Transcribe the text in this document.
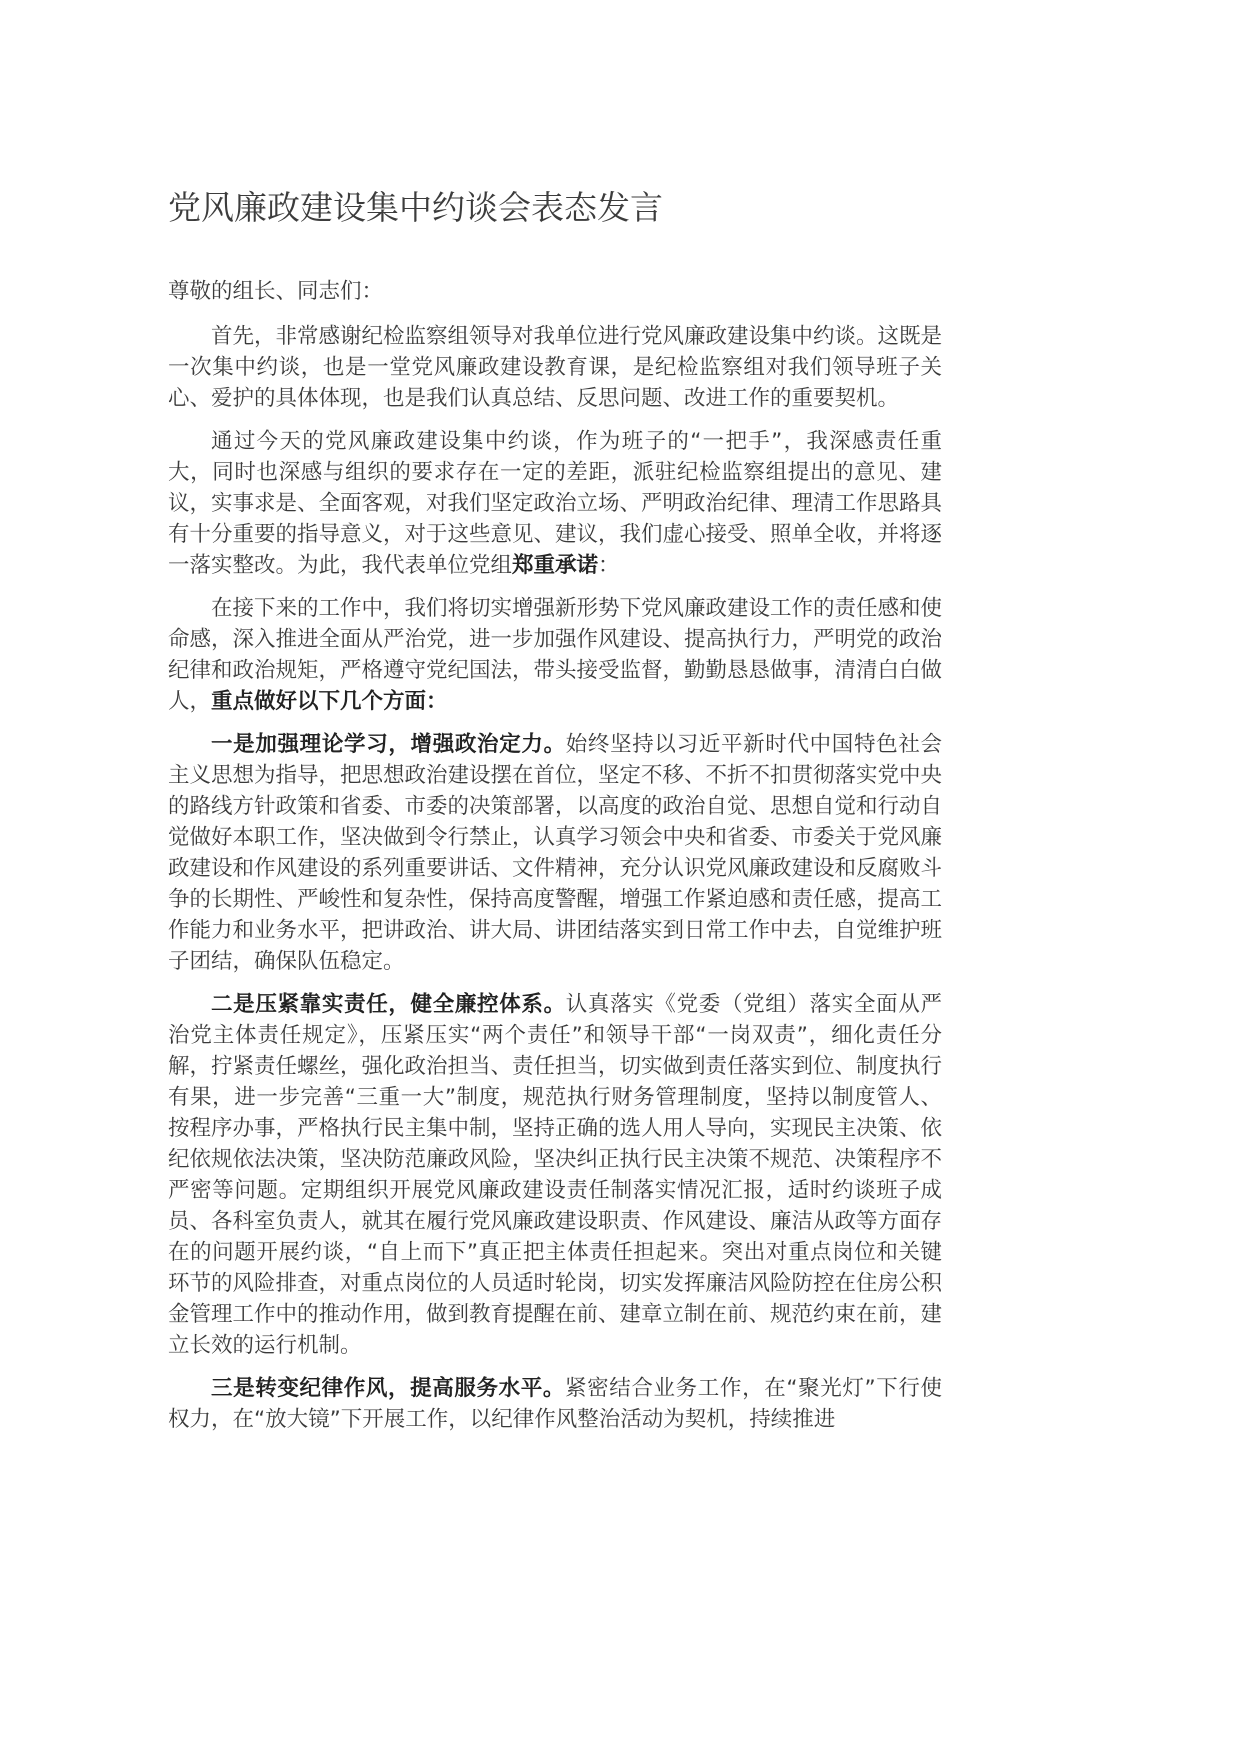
党风廉政建设集中约谈会表态发言

尊敬的组长、同志们：

首先，非常感谢纪检监察组领导对我单位进行党风廉政建设集中约谈。这既是一次集中约谈，也是一堂党风廉政建设教育课，是纪检监察组对我们领导班子关心、爱护的具体体现，也是我们认真总结、反思问题、改进工作的重要契机。

通过今天的党风廉政建设集中约谈，作为班子的“一把手”，我深感责任重大，同时也深感与组织的要求存在一定的差距，派驻纪检监察组提出的意见、建议，实事求是、全面客观，对我们坚定政治立场、严明政治纪律、理清工作思路具有十分重要的指导意义，对于这些意见、建议，我们虚心接受、照单全收，并将逐一落实整改。为此，我代表单位党组郑重承诺：

在接下来的工作中，我们将切实增强新形势下党风廉政建设工作的责任感和使命感，深入推进全面从严治党，进一步加强作风建设、提高执行力，严明党的政治纪律和政治规矩，严格遵守党纪国法，带头接受监督，勤勤恳恳做事，清清白白做人，重点做好以下几个方面：

一是加强理论学习，增强政治定力。始终坚持以习近平新时代中国特色社会主义思想为指导，把思想政治建设摆在首位，坚定不移、不折不扣贯彻落实党中央的路线方针政策和省委、市委的决策部署，以高度的政治自觉、思想自觉和行动自觉做好本职工作，坚决做到令行禁止，认真学习领会中央和省委、市委关于党风廉政建设和作风建设的系列重要讲话、文件精神，充分认识党风廉政建设和反腐败斗争的长期性、严峻性和复杂性，保持高度警醒，增强工作紧迫感和责任感，提高工作能力和业务水平，把讲政治、讲大局、讲团结落实到日常工作中去，自觉维护班子团结，确保队伍稳定。

二是压紧靠实责任，健全廉控体系。认真落实《党委（党组）落实全面从严治党主体责任规定》，压紧压实“两个责任”和领导干部“一岗双责”，细化责任分解，拧紧责任螺丝，强化政治担当、责任担当，切实做到责任落实到位、制度执行有果，进一步完善“三重一大”制度，规范执行财务管理制度，坚持以制度管人、按程序办事，严格执行民主集中制，坚持正确的选人用人导向，实现民主决策、依纪依规依法决策，坚决防范廉政风险，坚决纠正执行民主决策不规范、决策程序不严密等问题。定期组织开展党风廉政建设责任制落实情况汇报，适时约谈班子成员、各科室负责人，就其在履行党风廉政建设职责、作风建设、廉洁从政等方面存在的问题开展约谈，“自上而下”真正把主体责任担起来。突出对重点岗位和关键环节的风险排查，对重点岗位的人员适时轮岗，切实发挥廉洁风险防控在住房公积金管理工作中的推动作用，做到教育提醒在前、建章立制在前、规范约束在前，建立长效的运行机制。

三是转变纪律作风，提高服务水平。紧密结合业务工作，在“聚光灯”下行使权力，在“放大镜”下开展工作，以纪律作风整治活动为契机，持续推进
